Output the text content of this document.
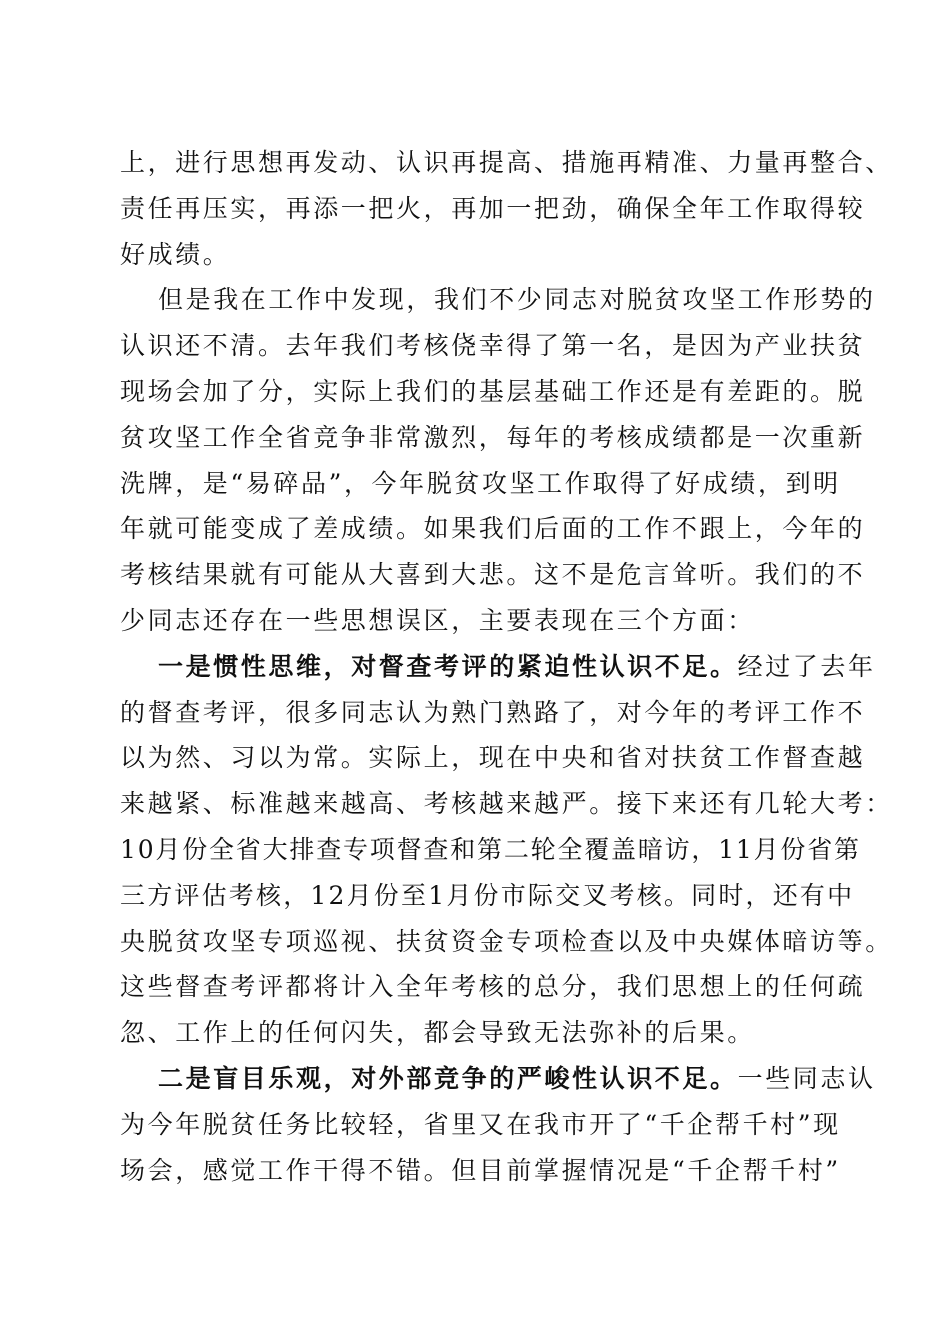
上，进行思想再发动、认识再提高、措施再精准、力量再整合、
责任再压实，再添一把火，再加一把劲，确保全年工作取得较
好成绩。
但是我在工作中发现，我们不少同志对脱贫攻坚工作形势的
认识还不清。去年我们考核侥幸得了第一名，是因为产业扶贫
现场会加了分，实际上我们的基层基础工作还是有差距的。脱
贫攻坚工作全省竞争非常激烈，每年的考核成绩都是一次重新
洗牌，是“易碎品”，今年脱贫攻坚工作取得了好成绩，到明
年就可能变成了差成绩。如果我们后面的工作不跟上，今年的
考核结果就有可能从大喜到大悲。这不是危言耸听。我们的不
少同志还存在一些思想误区，主要表现在三个方面：
一是惯性思维，对督查考评的紧迫性认识不足。经过了去年
的督查考评，很多同志认为熟门熟路了，对今年的考评工作不
以为然、习以为常。实际上，现在中央和省对扶贫工作督查越
来越紧、标准越来越高、考核越来越严。接下来还有几轮大考：
10月份全省大排查专项督查和第二轮全覆盖暗访，11月份省第
三方评估考核，12月份至1月份市际交叉考核。同时，还有中
央脱贫攻坚专项巡视、扶贫资金专项检查以及中央媒体暗访等。
这些督查考评都将计入全年考核的总分，我们思想上的任何疏
忽、工作上的任何闪失，都会导致无法弥补的后果。
二是盲目乐观，对外部竞争的严峻性认识不足。一些同志认
为今年脱贫任务比较轻，省里又在我市开了“千企帮千村”现
场会，感觉工作干得不错。但目前掌握情况是“千企帮千村”
